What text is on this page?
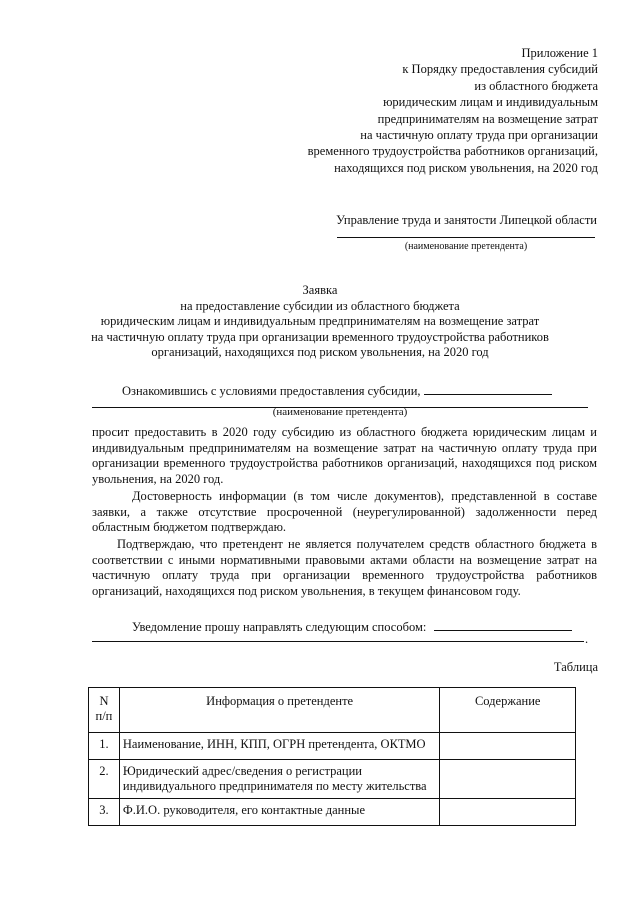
Приложение 1
к Порядку предоставления субсидий
из областного бюджета
юридическим лицам и индивидуальным
предпринимателям на возмещение затрат
на частичную оплату труда при организации
временного трудоустройства работников организаций,
находящихся под риском увольнения, на 2020 год
Управление труда и занятости Липецкой области
(наименование претендента)
Заявка
на предоставление субсидии из областного бюджета
юридическим лицам и индивидуальным предпринимателям на возмещение затрат
на частичную оплату труда при организации временного трудоустройства работников
организаций, находящихся под риском увольнения, на 2020 год
Ознакомившись с условиями предоставления субсидии,
(наименование претендента)
просит предоставить в 2020 году субсидию из областного бюджета юридическим лицам и индивидуальным предпринимателям на возмещение затрат на частичную оплату труда при организации временного трудоустройства работников организаций, находящихся под риском увольнения, на 2020 год.
Достоверность информации (в том числе документов), представленной в составе заявки, а также отсутствие просроченной (неурегулированной) задолженности перед областным бюджетом подтверждаю.
Подтверждаю, что претендент не является получателем средств областного бюджета в соответствии с иными нормативными правовыми актами области на возмещение затрат на частичную оплату труда при организации временного трудоустройства работников организаций, находящихся под риском увольнения, в текущем финансовом году.
Уведомление прошу направлять следующим способом:
.
Таблица
N п/п	Информация о претенденте	Содержание
1.	Наименование, ИНН, КПП, ОГРН претендента, ОКТМО	
2.	Юридический адрес/сведения о регистрации индивидуального предпринимателя по месту жительства	
3.	Ф.И.О. руководителя, его контактные данные	
